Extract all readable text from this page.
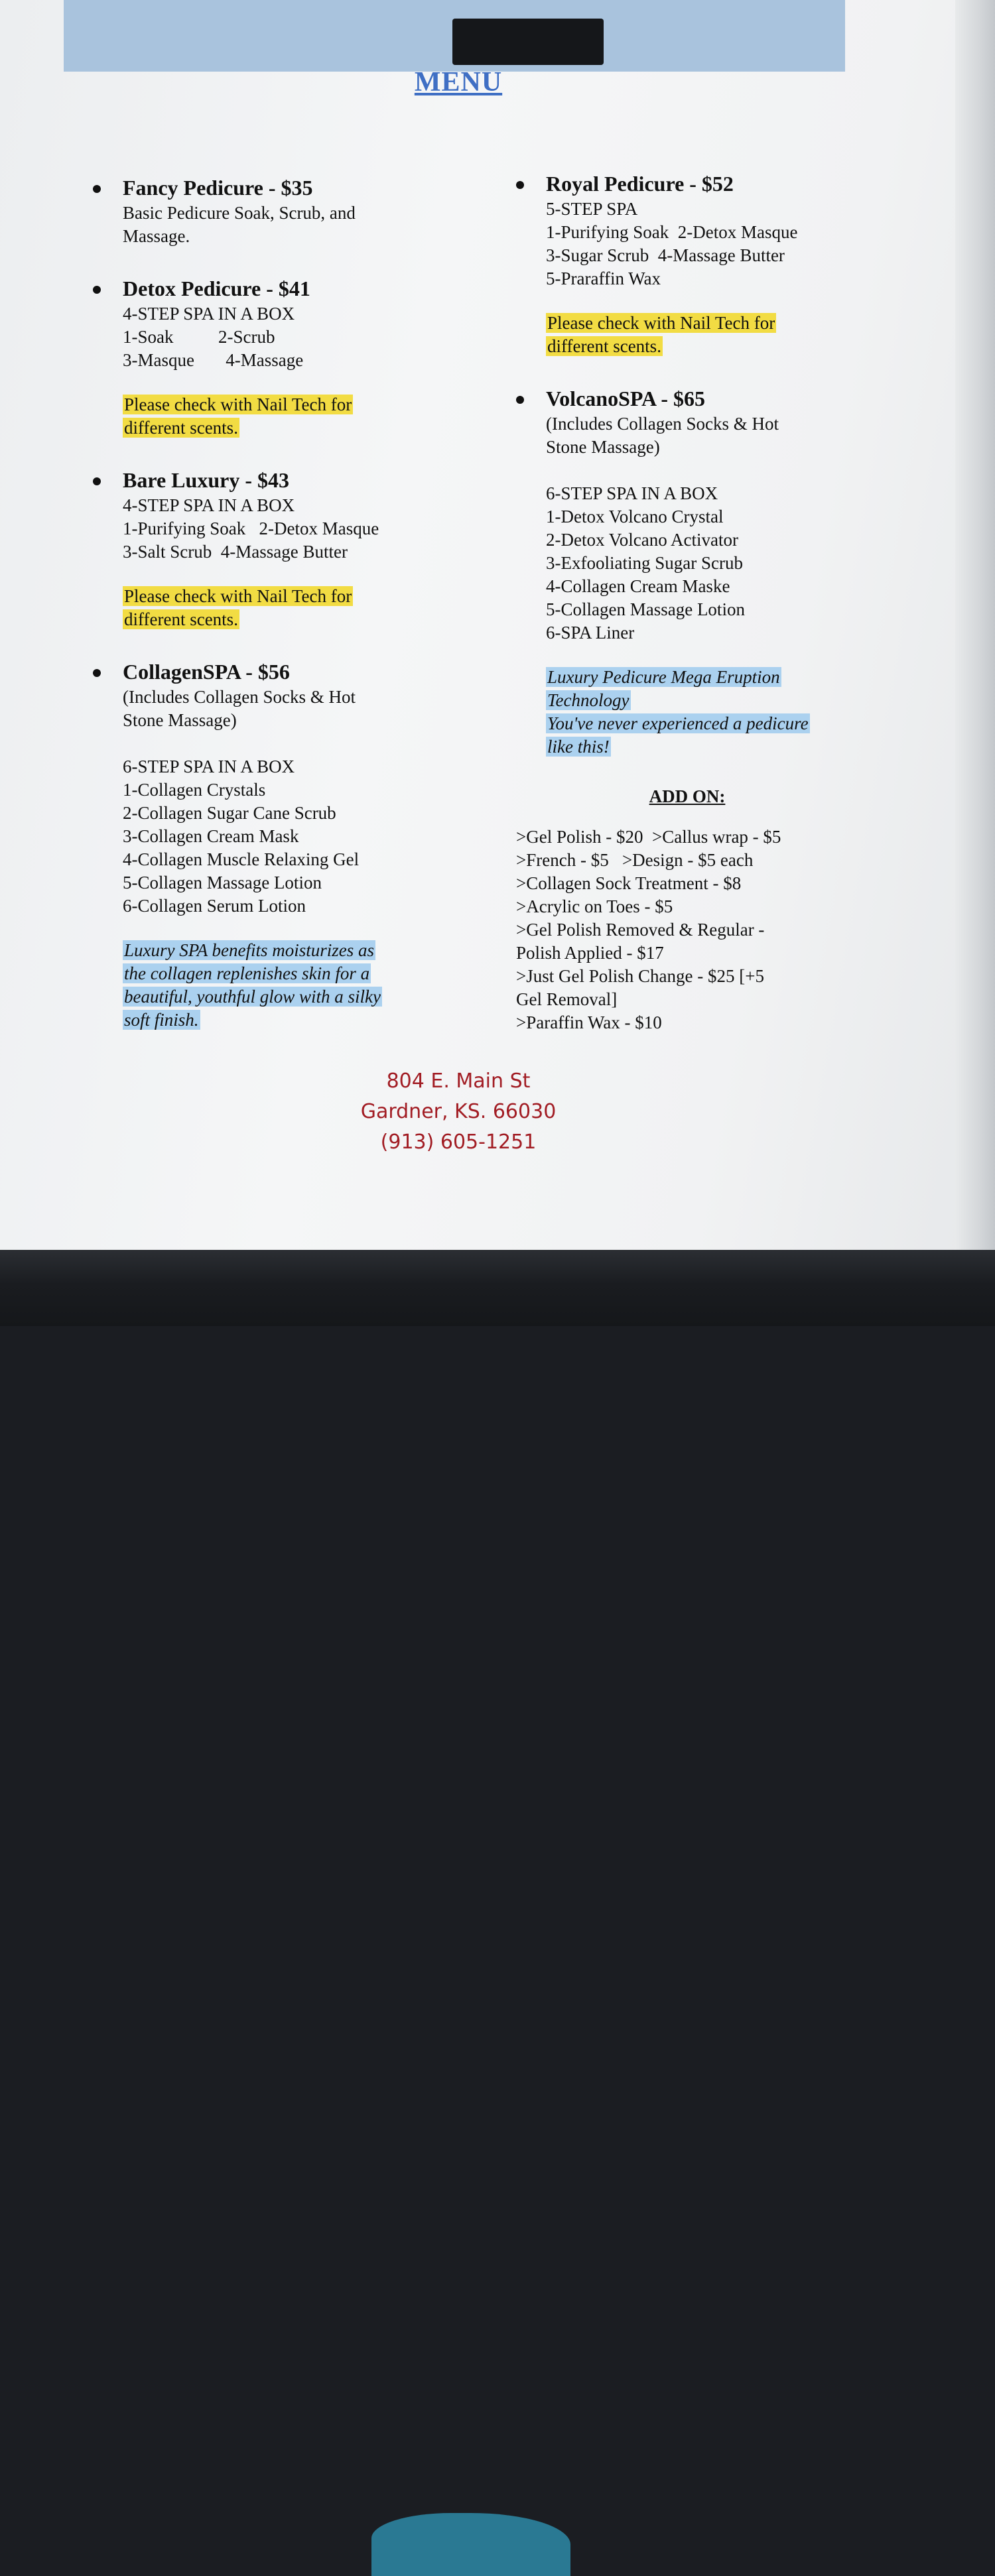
MENU
Fancy Pedicure - $35
Basic Pedicure Soak, Scrub, and
Massage.
Detox Pedicure - $41
4-STEP SPA IN A BOX
1-Soak          2-Scrub
3-Masque       4-Massage
Please check with Nail Tech for
different scents.
Bare Luxury - $43
4-STEP SPA IN A BOX
1-Purifying Soak   2-Detox Masque
3-Salt Scrub  4-Massage Butter
Please check with Nail Tech for
different scents.
CollagenSPA - $56
(Includes Collagen Socks & Hot
Stone Massage)

6-STEP SPA IN A BOX
1-Collagen Crystals
2-Collagen Sugar Cane Scrub
3-Collagen Cream Mask
4-Collagen Muscle Relaxing Gel
5-Collagen Massage Lotion
6-Collagen Serum Lotion
Luxury SPA benefits moisturizes as
the collagen replenishes skin for a
beautiful, youthful glow with a silky
soft finish.
Royal Pedicure - $52
5-STEP SPA
1-Purifying Soak  2-Detox Masque
3-Sugar Scrub  4-Massage Butter
5-Praraffin Wax
Please check with Nail Tech for
different scents.
VolcanoSPA - $65
(Includes Collagen Socks & Hot
Stone Massage)

6-STEP SPA IN A BOX
1-Detox Volcano Crystal
2-Detox Volcano Activator
3-Exfooliating Sugar Scrub
4-Collagen Cream Maske
5-Collagen Massage Lotion
6-SPA Liner
Luxury Pedicure Mega Eruption
Technology
You've never experienced a pedicure
like this!
ADD ON:
>Gel Polish - $20  >Callus wrap - $5
>French - $5   >Design - $5 each
>Collagen Sock Treatment - $8
>Acrylic on Toes - $5
>Gel Polish Removed & Regular -
Polish Applied - $17
>Just Gel Polish Change - $25 [+5
Gel Removal]
>Paraffin Wax - $10
804 E. Main St
Gardner, KS. 66030
(913) 605-1251
